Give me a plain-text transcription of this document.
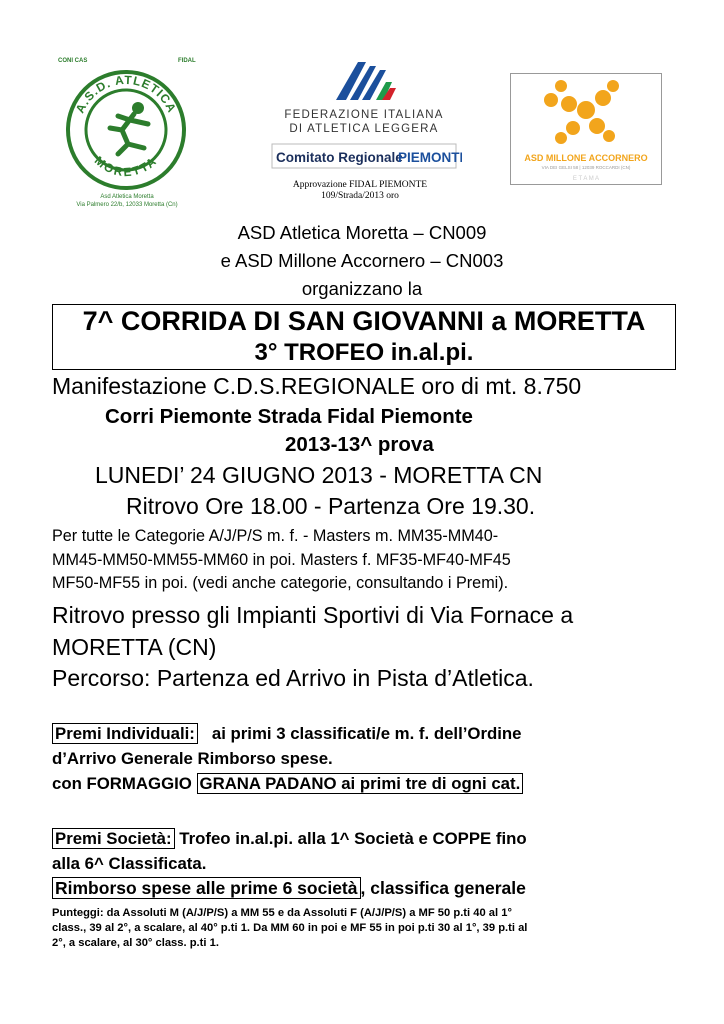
CONI CAS	FIDAL
A.S.D. ATLETICA
MORETTA
Asd Atletica Moretta
Via Palmero 22/b, 12033 Moretta (Cn)
FEDERAZIONE ITALIANA
DI ATLETICA LEGGERA
Comitato Regionale
PIEMONTE	ASD MILLONE ACCORNERO
VIA DEI GELSI 58 | 12039 ROCCARDI (CN)
E T A M A
Approvazione FIDAL PIEMONTE
109/Strada/2013 oro
ASD Atletica Moretta – CN009
e ASD Millone Accornero – CN003
organizzano la
7^ CORRIDA DI SAN GIOVANNI a MORETTA
3° TROFEO in.al.pi.
Manifestazione C.D.S.REGIONALE oro di mt. 8.750
Corri Piemonte Strada Fidal Piemonte
2013-13^ prova
LUNEDI’ 24 GIUGNO 2013 - MORETTA CN
Ritrovo Ore 18.00 - Partenza Ore 19.30.
Per tutte le Categorie A/J/P/S m. f. - Masters m. MM35-MM40-
MM45-MM50-MM55-MM60 in poi. Masters f. MF35-MF40-MF45
MF50-MF55 in poi. (vedi anche categorie, consultando i Premi).
Ritrovo presso gli Impianti Sportivi di Via Fornace a
MORETTA (CN)
Percorso: Partenza ed Arrivo in Pista d’Atletica.
Premi Individuali:   ai primi 3 classificati/e m. f. dell’Ordine
d’Arrivo Generale Rimborso spese.
con FORMAGGIO GRANA PADANO ai primi tre di ogni cat.
Premi Società: Trofeo in.al.pi. alla 1^ Società e COPPE fino
alla 6^ Classificata.
Rimborso spese alle prime 6 società , classifica generale
Punteggi: da Assoluti M (A/J/P/S) a MM 55 e da Assoluti F (A/J/P/S) a MF 50 p.ti 40 al 1°
class., 39 al 2°, a scalare, al 40° p.ti 1. Da MM 60 in poi e MF 55 in poi p.ti 30 al 1°, 39 p.ti al
2°, a scalare, al 30° class. p.ti 1.
